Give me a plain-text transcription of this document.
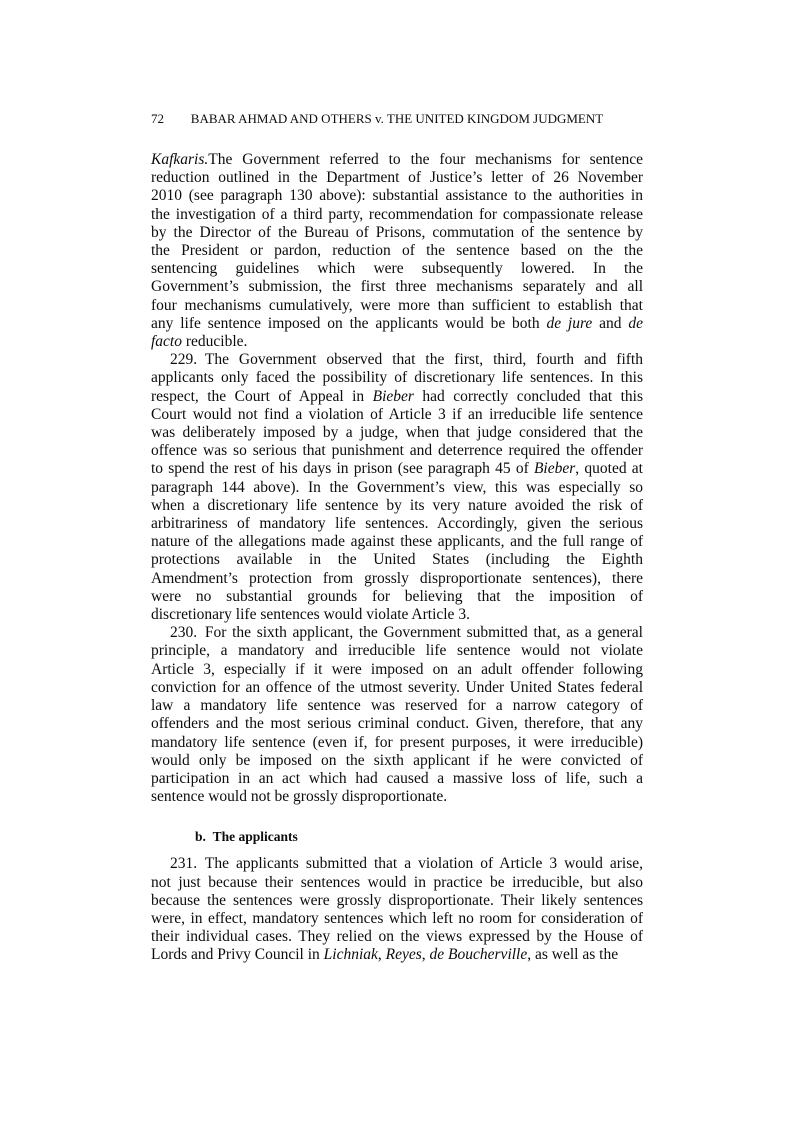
72	BABAR AHMAD AND OTHERS v. THE UNITED KINGDOM JUDGMENT
Kafkaris.The Government referred to the four mechanisms for sentence
reduction outlined in the Department of Justice’s letter of 26 November
2010 (see paragraph 130 above): substantial assistance to the authorities in
the investigation of a third party, recommendation for compassionate release
by the Director of the Bureau of Prisons, commutation of the sentence by
the President or pardon, reduction of the sentence based on the the
sentencing guidelines which were subsequently lowered. In the
Government’s submission, the first three mechanisms separately and all
four mechanisms cumulatively, were more than sufficient to establish that
any life sentence imposed on the applicants would be both de jure and de
facto reducible.
229. The Government observed that the first, third, fourth and fifth
applicants only faced the possibility of discretionary life sentences. In this
respect, the Court of Appeal in Bieber had correctly concluded that this
Court would not find a violation of Article 3 if an irreducible life sentence
was deliberately imposed by a judge, when that judge considered that the
offence was so serious that punishment and deterrence required the offender
to spend the rest of his days in prison (see paragraph 45 of Bieber, quoted at
paragraph 144 above). In the Government’s view, this was especially so
when a discretionary life sentence by its very nature avoided the risk of
arbitrariness of mandatory life sentences. Accordingly, given the serious
nature of the allegations made against these applicants, and the full range of
protections available in the United States (including the Eighth
Amendment’s protection from grossly disproportionate sentences), there
were no substantial grounds for believing that the imposition of
discretionary life sentences would violate Article 3.
230. For the sixth applicant, the Government submitted that, as a general
principle, a mandatory and irreducible life sentence would not violate
Article 3, especially if it were imposed on an adult offender following
conviction for an offence of the utmost severity. Under United States federal
law a mandatory life sentence was reserved for a narrow category of
offenders and the most serious criminal conduct. Given, therefore, that any
mandatory life sentence (even if, for present purposes, it were irreducible)
would only be imposed on the sixth applicant if he were convicted of
participation in an act which had caused a massive loss of life, such a
sentence would not be grossly disproportionate.
b. The applicants
231. The applicants submitted that a violation of Article 3 would arise,
not just because their sentences would in practice be irreducible, but also
because the sentences were grossly disproportionate. Their likely sentences
were, in effect, mandatory sentences which left no room for consideration of
their individual cases. They relied on the views expressed by the House of
Lords and Privy Council in Lichniak, Reyes, de Boucherville, as well as the
